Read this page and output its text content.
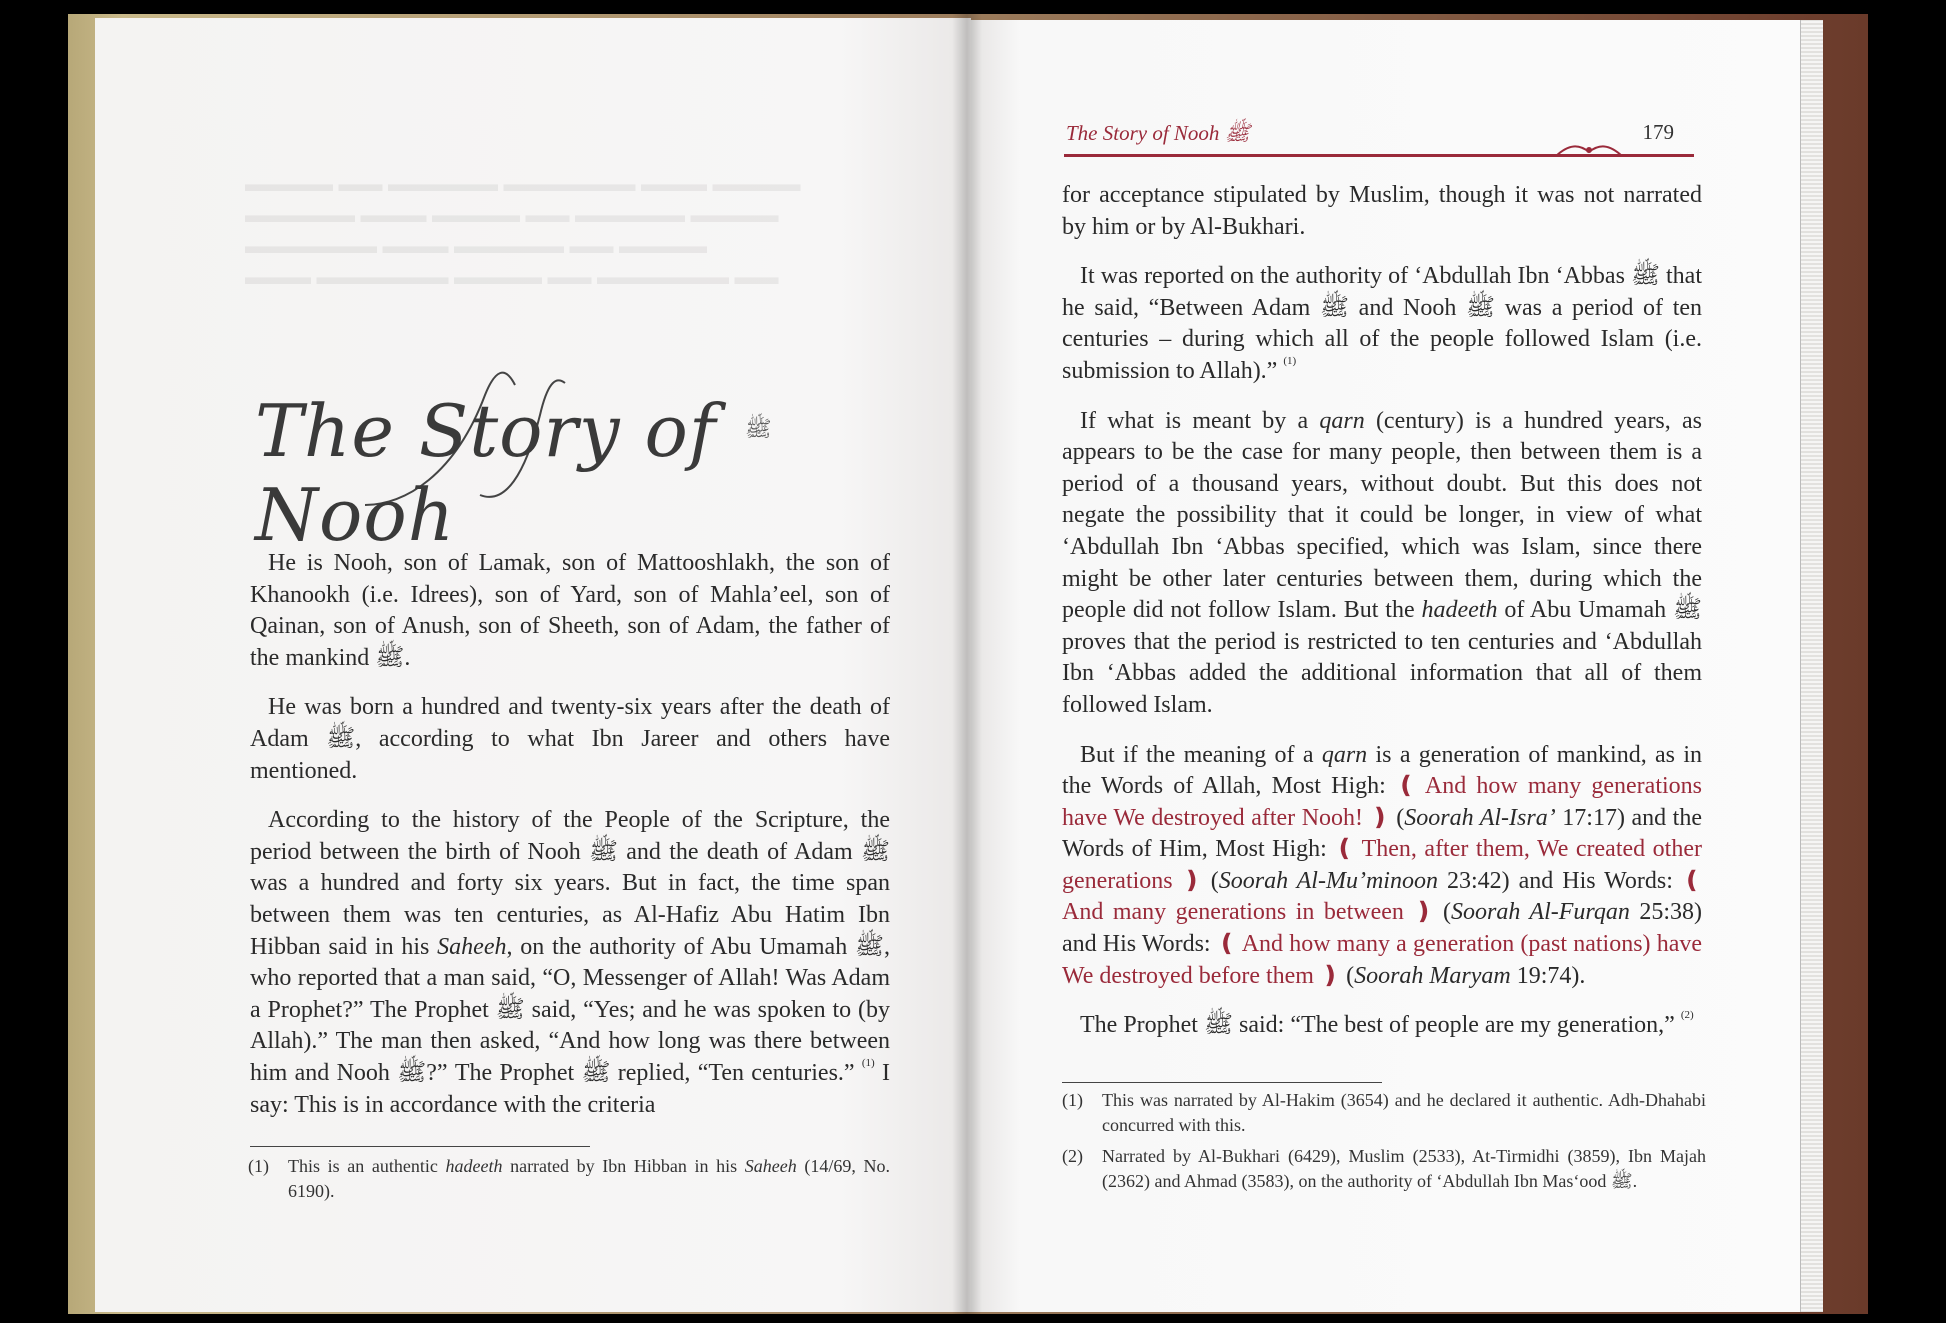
▬▬▬▬ ▬▬ ▬▬▬▬▬ ▬▬▬▬▬▬ ▬▬▬ ▬▬▬▬
▬▬▬▬▬ ▬▬▬ ▬▬▬▬ ▬▬ ▬▬▬▬▬ ▬▬▬▬
▬▬▬▬▬▬ ▬▬▬ ▬▬▬▬▬ ▬▬ ▬▬▬▬
▬▬▬ ▬▬▬▬▬▬ ▬▬▬▬ ▬▬ ▬▬▬▬▬▬ ▬▬
The Story of Nooh
ﷺ

He is Nooh, son of Lamak, son of Mattooshlakh, the son of Khanookh (i.e. Idrees), son of Yard, son of Mahla’eel, son of Qainan, son of Anush, son of Sheeth, son of Adam, the father of the mankind ﷺ.

He was born a hundred and twenty-six years after the death of Adam ﷺ, according to what Ibn Jareer and others have mentioned.

According to the history of the People of the Scripture, the period between the birth of Nooh ﷺ and the death of Adam ﷺ was a hundred and forty six years. But in fact, the time span between them was ten centuries, as Al-Hafiz Abu Hatim Ibn Hibban said in his Saheeh, on the authority of Abu Umamah ﷺ, who reported that a man said, “O, Messenger of Allah! Was Adam a Prophet?” The Prophet ﷺ said, “Yes; and he was spoken to (by Allah).” The man then asked, “And how long was there between him and Nooh ﷺ?” The Prophet ﷺ replied, “Ten centuries.” $^{(1)}$ I say: This is in accordance with the criteria

(1)	This is an authentic hadeeth narrated by Ibn Hibban in his Saheeh (14/69, No. 6190).
The Story of Nooh ﷺ	179

for acceptance stipulated by Muslim, though it was not narrated by him or by Al-Bukhari.

It was reported on the authority of ‘Abdullah Ibn ‘Abbas ﷺ that he said, “Between Adam ﷺ and Nooh ﷺ was a period of ten centuries – during which all of the people followed Islam (i.e. submission to Allah).” $^{(1)}$

If what is meant by a qarn (century) is a hundred years, as appears to be the case for many people, then between them is a period of a thousand years, without doubt. But this does not negate the possibility that it could be longer, in view of what ‘Abdullah Ibn ‘Abbas specified, which was Islam, since there might be other later centuries between them, during which the people did not follow Islam. But the hadeeth of Abu Umamah ﷺ proves that the period is restricted to ten centuries and ‘Abdullah Ibn ‘Abbas added the additional information that all of them followed Islam.

But if the meaning of a qarn is a generation of mankind, as in the Words of Allah, Most High: ❪ And how many generations have We destroyed after Nooh! ❫ (Soorah Al-Isra’ 17:17) and the Words of Him, Most High: ❪ Then, after them, We created other generations ❫ (Soorah Al-Mu’minoon 23:42) and His Words: ❪ And many generations in between ❫ (Soorah Al-Furqan 25:38) and His Words: ❪ And how many a generation (past nations) have We destroyed before them ❫ (Soorah Maryam 19:74).

The Prophet ﷺ said: “The best of people are my generation,” $^{(2)}$

(1)	This was narrated by Al-Hakim (3654) and he declared it authentic. Adh-Dhahabi concurred with this.
(2)	Narrated by Al-Bukhari (6429), Muslim (2533), At-Tirmidhi (3859), Ibn Majah (2362) and Ahmad (3583), on the authority of ‘Abdullah Ibn Mas‘ood ﷺ.
